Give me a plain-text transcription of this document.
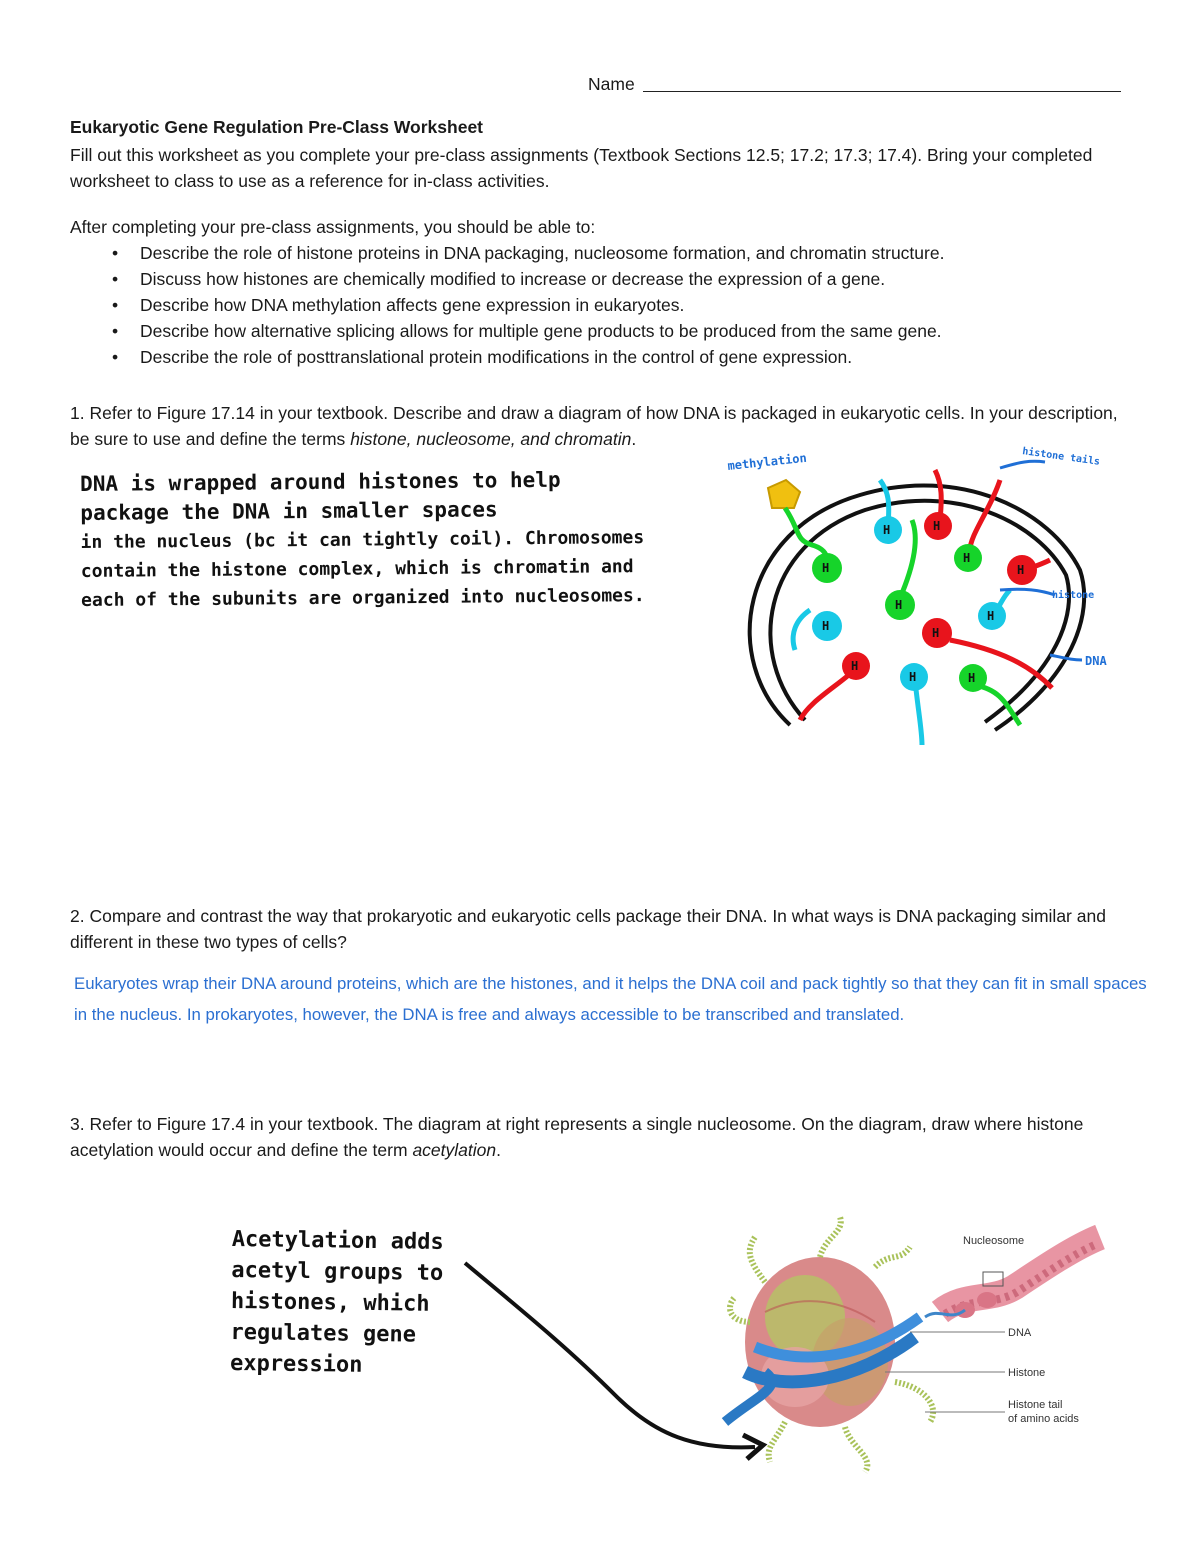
Name
Eukaryotic Gene Regulation Pre-Class Worksheet
Fill out this worksheet as you complete your pre-class assignments (Textbook Sections 12.5; 17.2; 17.3; 17.4). Bring your completed worksheet to class to use as a reference for in-class activities.
After completing your pre-class assignments, you should be able to:
• Describe the role of histone proteins in DNA packaging, nucleosome formation, and chromatin structure.
• Discuss how histones are chemically modified to increase or decrease the expression of a gene.
• Describe how DNA methylation affects gene expression in eukaryotes.
• Describe how alternative splicing allows for multiple gene products to be produced from the same gene.
• Describe the role of posttranslational protein modifications in the control of gene expression.
1. Refer to Figure 17.14 in your textbook. Describe and draw a diagram of how DNA is packaged in eukaryotic cells. In your description, be sure to use and define the terms histone, nucleosome, and chromatin.
DNA is wrapped around histones to help
package the DNA in smaller spaces
in the nucleus (bc it can tightly coil). Chromosomes
contain the histone complex, which is chromatin and
each of the subunits are organized into nucleosomes.
H
H	H
H
H
H
H
H
H
H
H	H
methylation	histone tails
histone
DNA
2. Compare and contrast the way that prokaryotic and eukaryotic cells package their DNA. In what ways is DNA packaging similar and different in these two types of cells?
Eukaryotes wrap their DNA around proteins, which are the histones, and it helps the DNA coil and pack tightly so that they can fit in small spaces in the nucleus. In prokaryotes, however, the DNA is free and always accessible to be transcribed and translated.
3. Refer to Figure 17.4 in your textbook. The diagram at right represents a single nucleosome. On the diagram, draw where histone acetylation would occur and define the term acetylation.
Acetylation adds
acetyl groups to
histones, which
regulates gene
expression
Nucleosome
DNA
Histone
Histone tail
of amino acids
